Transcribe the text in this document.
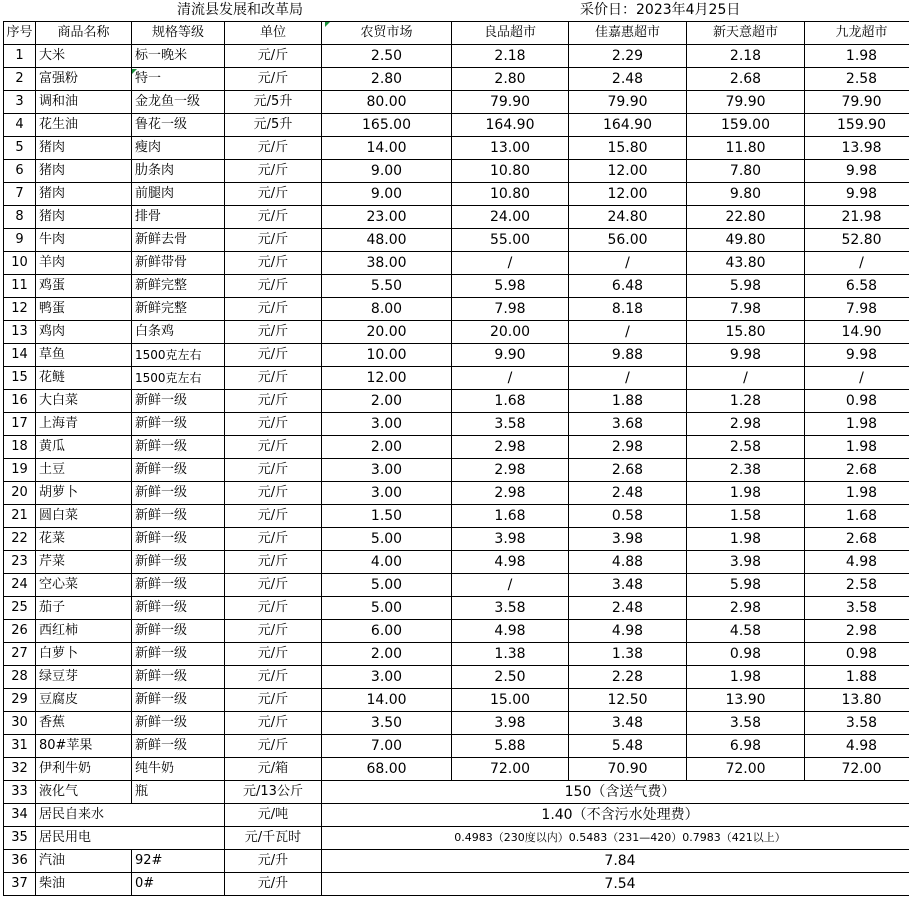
清流县发展和改革局	采价日：2023年4月25日
序号	商品名称	规格等级	单位	农贸市场	良品超市	佳嘉惠超市	新天意超市	九龙超市
1	大米	标一晚米	元/斤	2.50	2.18	2.29	2.18	1.98
2	富强粉	特一	元/斤	2.80	2.80	2.48	2.68	2.58
3	调和油	金龙鱼一级	元/5升	80.00	79.90	79.90	79.90	79.90
4	花生油	鲁花一级	元/5升	165.00	164.90	164.90	159.00	159.90
5	猪肉	瘦肉	元/斤	14.00	13.00	15.80	11.80	13.98
6	猪肉	肋条肉	元/斤	9.00	10.80	12.00	7.80	9.98
7	猪肉	前腿肉	元/斤	9.00	10.80	12.00	9.80	9.98
8	猪肉	排骨	元/斤	23.00	24.00	24.80	22.80	21.98
9	牛肉	新鲜去骨	元/斤	48.00	55.00	56.00	49.80	52.80
10	羊肉	新鲜带骨	元/斤	38.00	/	/	43.80	/
11	鸡蛋	新鲜完整	元/斤	5.50	5.98	6.48	5.98	6.58
12	鸭蛋	新鲜完整	元/斤	8.00	7.98	8.18	7.98	7.98
13	鸡肉	白条鸡	元/斤	20.00	20.00	/	15.80	14.90
14	草鱼	1500克左右	元/斤	10.00	9.90	9.88	9.98	9.98
15	花鲢	1500克左右	元/斤	12.00	/	/	/	/
16	大白菜	新鲜一级	元/斤	2.00	1.68	1.88	1.28	0.98
17	上海青	新鲜一级	元/斤	3.00	3.58	3.68	2.98	1.98
18	黄瓜	新鲜一级	元/斤	2.00	2.98	2.98	2.58	1.98
19	土豆	新鲜一级	元/斤	3.00	2.98	2.68	2.38	2.68
20	胡萝卜	新鲜一级	元/斤	3.00	2.98	2.48	1.98	1.98
21	圆白菜	新鲜一级	元/斤	1.50	1.68	0.58	1.58	1.68
22	花菜	新鲜一级	元/斤	5.00	3.98	3.98	1.98	2.68
23	芹菜	新鲜一级	元/斤	4.00	4.98	4.88	3.98	4.98
24	空心菜	新鲜一级	元/斤	5.00	/	3.48	5.98	2.58
25	茄子	新鲜一级	元/斤	5.00	3.58	2.48	2.98	3.58
26	西红柿	新鲜一级	元/斤	6.00	4.98	4.98	4.58	2.98
27	白萝卜	新鲜一级	元/斤	2.00	1.38	1.38	0.98	0.98
28	绿豆芽	新鲜一级	元/斤	3.00	2.50	2.28	1.98	1.88
29	豆腐皮	新鲜一级	元/斤	14.00	15.00	12.50	13.90	13.80
30	香蕉	新鲜一级	元/斤	3.50	3.98	3.48	3.58	3.58
31	80#苹果	新鲜一级	元/斤	7.00	5.88	5.48	6.98	4.98
32	伊利牛奶	纯牛奶	元/箱	68.00	72.00	70.90	72.00	72.00
33	液化气	瓶	元/13公斤	150（含送气费）				
34	居民自来水		元/吨	1.40（不含污水处理费）				
35	居民用电		元/千瓦时	0.4983（230度以内）0.5483（231—420）0.7983（421以上）				
36	汽油	92#	元/升	7.84				
37	柴油	0#	元/升	7.54				
